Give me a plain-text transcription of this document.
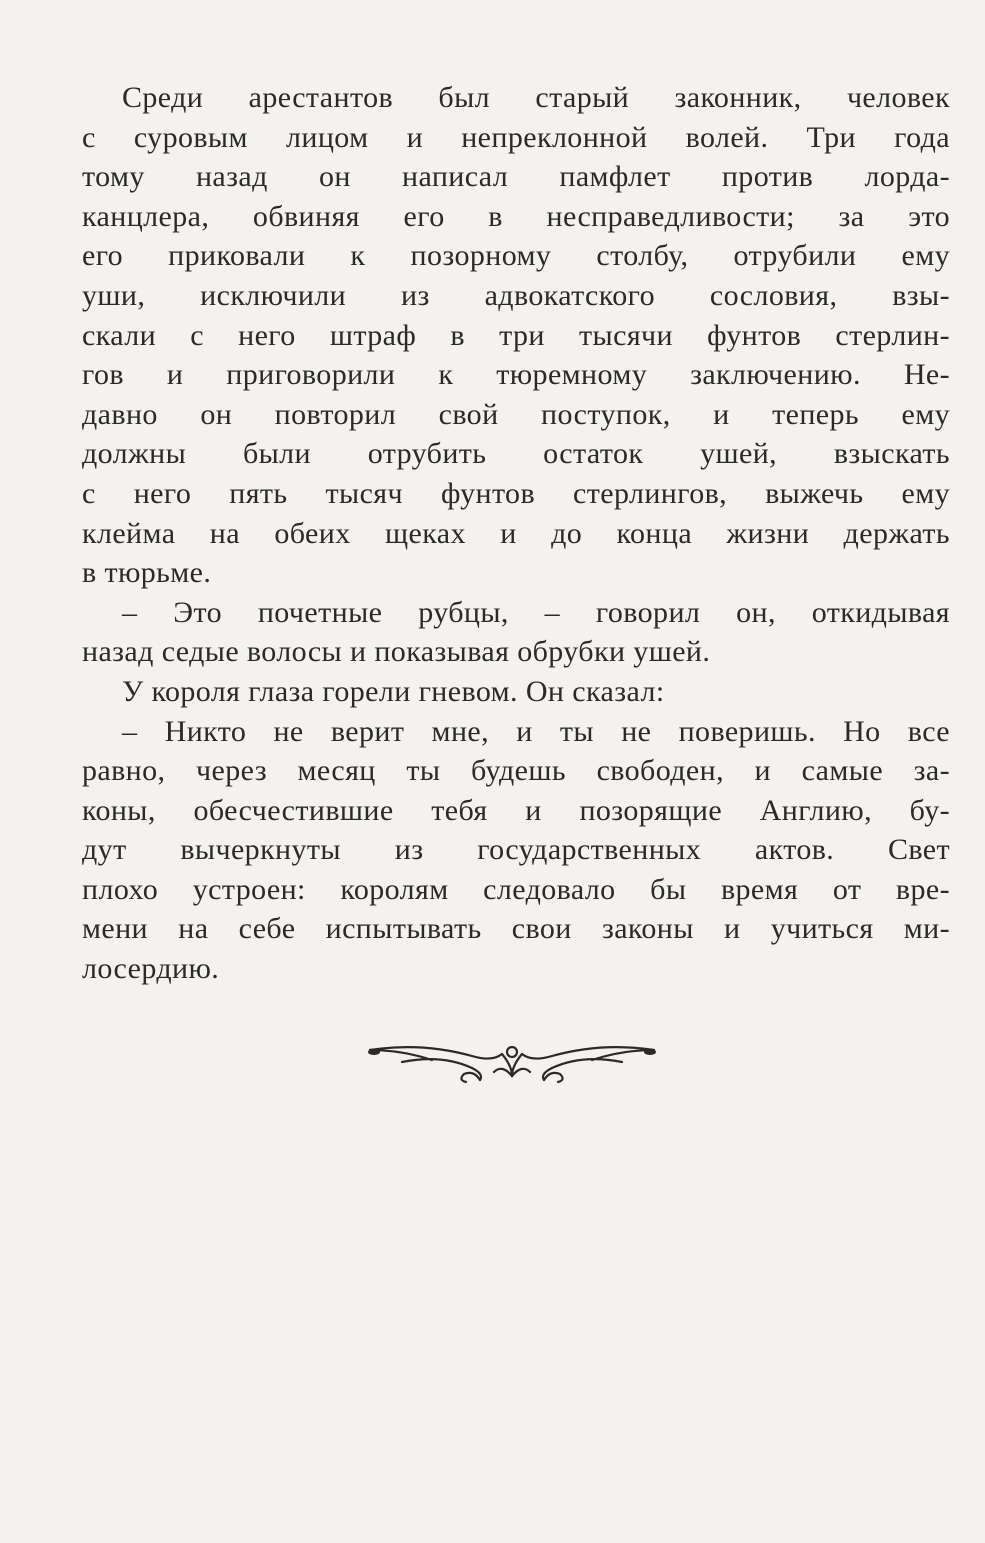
Среди арестантов был старый законник, человек
с суровым лицом и непреклонной волей. Три года
тому назад он написал памфлет против лорда-
канцлера, обвиняя его в несправедливости; за это
его приковали к позорному столбу, отрубили ему
уши, исключили из адвокатского сословия, взы-
скали с него штраф в три тысячи фунтов стерлин-
гов и приговорили к тюремному заключению. Не-
давно он повторил свой поступок, и теперь ему
должны были отрубить остаток ушей, взыскать
с него пять тысяч фунтов стерлингов, выжечь ему
клейма на обеих щеках и до конца жизни держать
в тюрьме.
– Это почетные рубцы, – говорил он, откидывая
назад седые волосы и показывая обрубки ушей.
У короля глаза горели гневом. Он сказал:
– Никто не верит мне, и ты не поверишь. Но все
равно, через месяц ты будешь свободен, и самые за-
коны, обесчестившие тебя и позорящие Англию, бу-
дут вычеркнуты из государственных актов. Свет
плохо устроен: королям следовало бы время от вре-
мени на себе испытывать свои законы и учиться ми-
лосердию.
